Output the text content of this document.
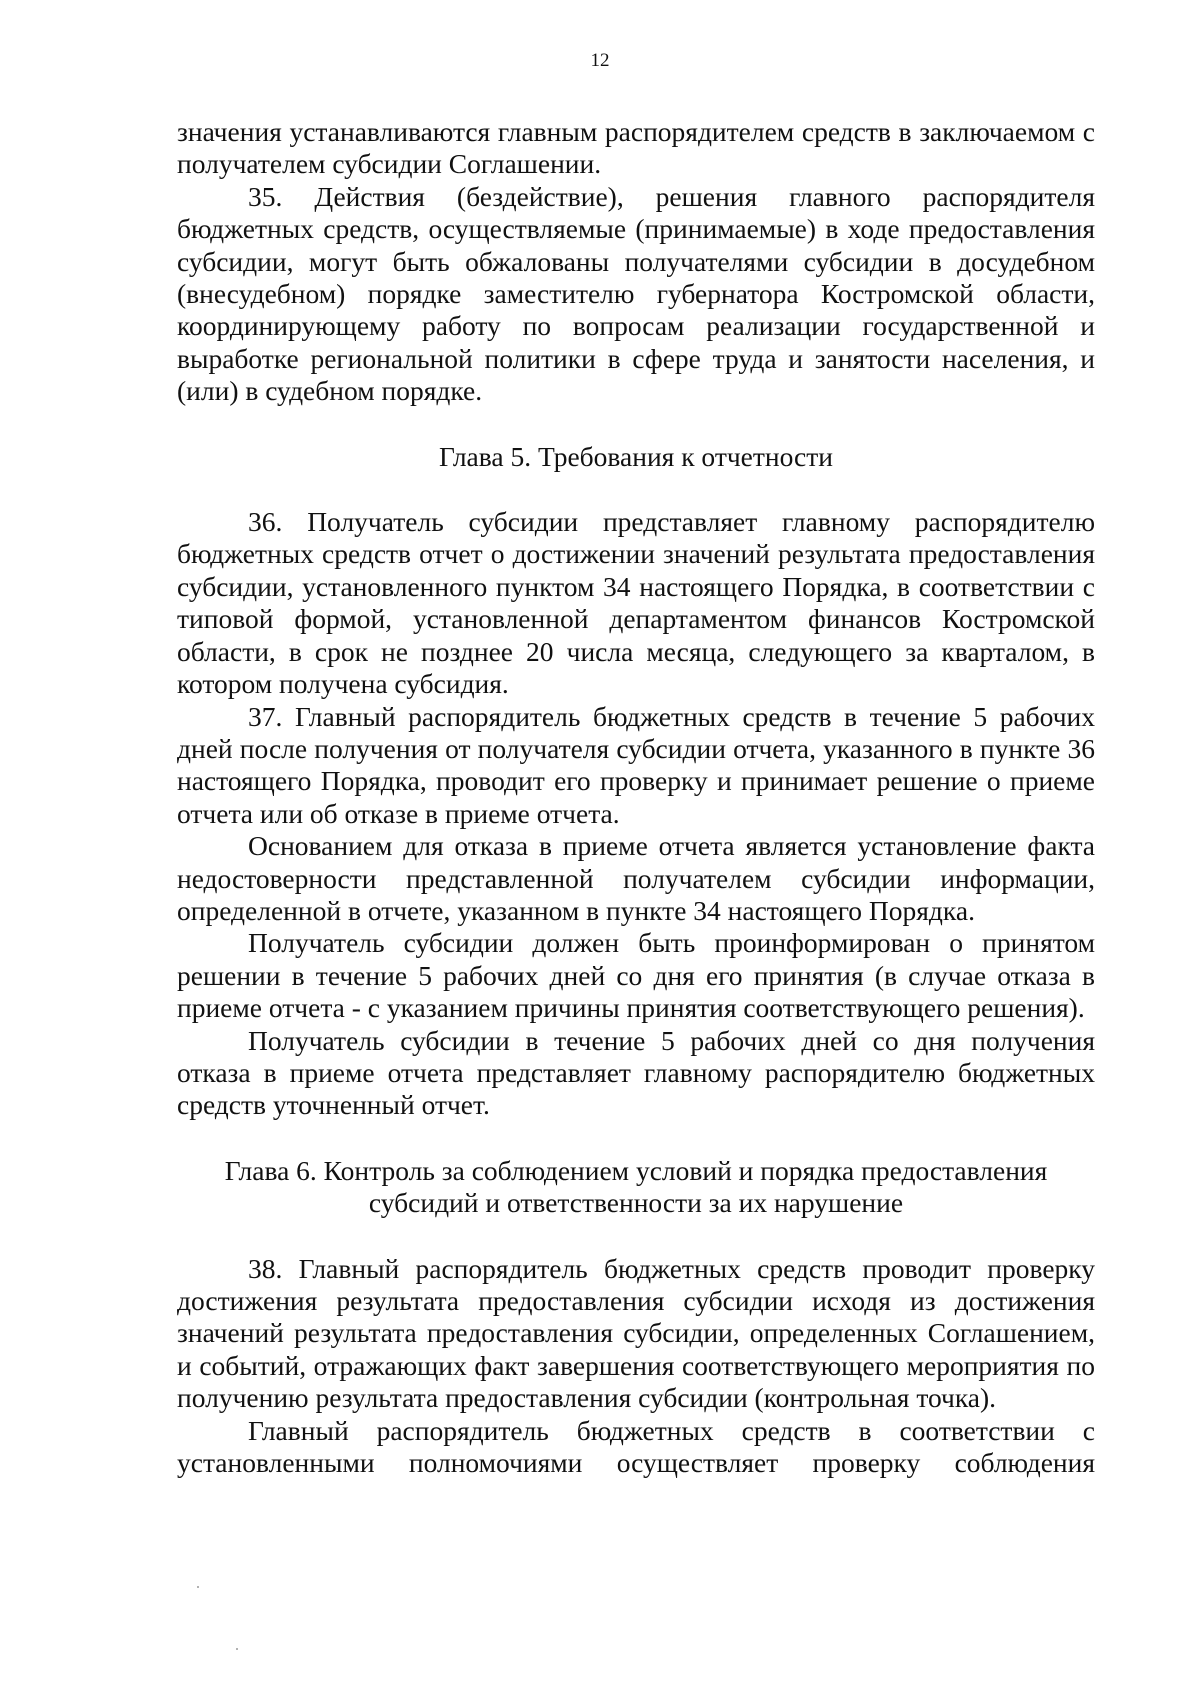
12

значения устанавливаются главным распорядителем средств в заключаемом с получателем субсидии Соглашении.

35. Действия (бездействие), решения главного распорядителя бюджетных средств, осуществляемые (принимаемые) в ходе предоставления субсидии, могут быть обжалованы получателями субсидии в досудебном (внесудебном) порядке заместителю губернатора Костромской области, координирующему работу по вопросам реализации государственной и выработке региональной политики в сфере труда и занятости населения, и (или) в судебном порядке.

Глава 5. Требования к отчетности

36. Получатель субсидии представляет главному распорядителю бюджетных средств отчет о достижении значений результата предоставления субсидии, установленного пунктом 34 настоящего Порядка, в соответствии с типовой формой, установленной департаментом финансов Костромской области, в срок не позднее 20 числа месяца, следующего за кварталом, в котором получена субсидия.

37. Главный распорядитель бюджетных средств в течение 5 рабочих дней после получения от получателя субсидии отчета, указанного в пункте 36 настоящего Порядка, проводит его проверку и принимает решение о приеме отчета или об отказе в приеме отчета.

Основанием для отказа в приеме отчета является установление факта недостоверности представленной получателем субсидии информации, определенной в отчете, указанном в пункте 34 настоящего Порядка.

Получатель субсидии должен быть проинформирован о принятом решении в течение 5 рабочих дней со дня его принятия (в случае отказа в приеме отчета - с указанием причины принятия соответствующего решения).

Получатель субсидии в течение 5 рабочих дней со дня получения отказа в приеме отчета представляет главному распорядителю бюджетных средств уточненный отчет.

Глава 6. Контроль за соблюдением условий и порядка предоставления

субсидий и ответственности за их нарушение

38. Главный распорядитель бюджетных средств проводит проверку достижения результата предоставления субсидии исходя из достижения значений результата предоставления субсидии, определенных Соглашением, и событий, отражающих факт завершения соответствующего мероприятия по получению результата предоставления субсидии (контрольная точка).

Главный распорядитель бюджетных средств в соответствии с установленными полномочиями осуществляет проверку соблюдения
